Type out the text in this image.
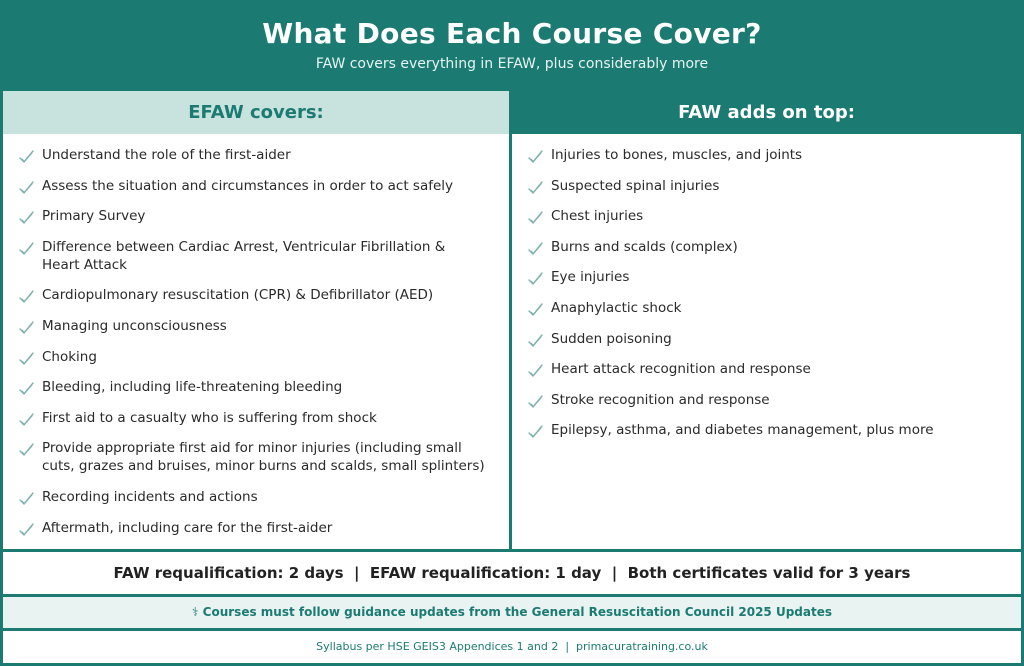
What Does Each Course Cover?
FAW covers everything in EFAW, plus considerably more
EFAW covers:
Understand the role of the first-aider
Assess the situation and circumstances in order to act safely
Primary Survey
Difference between Cardiac Arrest, Ventricular Fibrillation & Heart Attack
Cardiopulmonary resuscitation (CPR) & Defibrillator (AED)
Managing unconsciousness
Choking
Bleeding, including life-threatening bleeding
First aid to a casualty who is suffering from shock
Provide appropriate first aid for minor injuries (including small cuts, grazes and bruises, minor burns and scalds, small splinters)
Recording incidents and actions
Aftermath, including care for the first-aider
FAW adds on top:
Injuries to bones, muscles, and joints
Suspected spinal injuries
Chest injuries
Burns and scalds (complex)
Eye injuries
Anaphylactic shock
Sudden poisoning
Heart attack recognition and response
Stroke recognition and response
Epilepsy, asthma, and diabetes management, plus more
FAW requalification: 2 days  |  EFAW requalification: 1 day  |  Both certificates valid for 3 years
⚕ Courses must follow guidance updates from the General Resuscitation Council 2025 Updates
Syllabus per HSE GEIS3 Appendices 1 and 2  |  primacuratraining.co.uk
